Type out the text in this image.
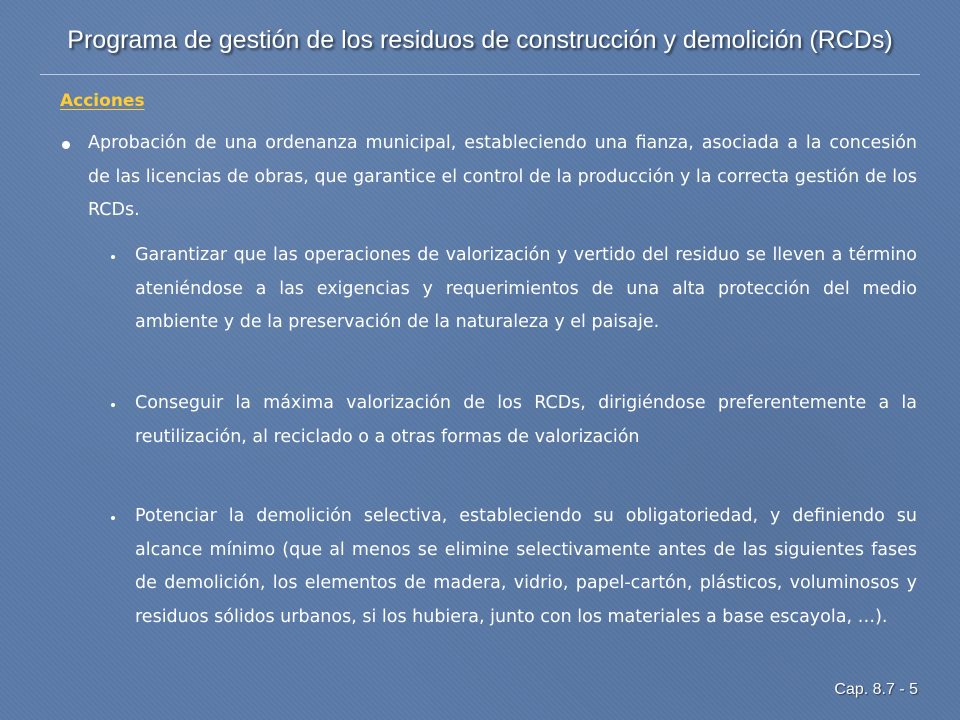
Programa de gestión de los residuos de construcción y demolición (RCDs)
Acciones
Aprobación de una ordenanza municipal, estableciendo una fianza, asociada a la concesión de las licencias de obras, que garantice el control de la producción y la correcta gestión de los RCDs.
Garantizar que las operaciones de valorización y vertido del residuo se lleven a término ateniéndose a las exigencias y requerimientos de una alta protección del medio ambiente y de la preservación de la naturaleza y el paisaje.
Conseguir la máxima valorización de los RCDs, dirigiéndose preferentemente a la reutilización, al reciclado o a otras formas de valorización
Potenciar la demolición selectiva, estableciendo su obligatoriedad, y definiendo su alcance mínimo (que al menos se elimine selectivamente antes de las siguientes fases de demolición, los elementos de madera, vidrio, papel-cartón, plásticos, voluminosos y residuos sólidos urbanos, si los hubiera, junto con los materiales a base escayola, …).
Cap. 8.7 - 5
